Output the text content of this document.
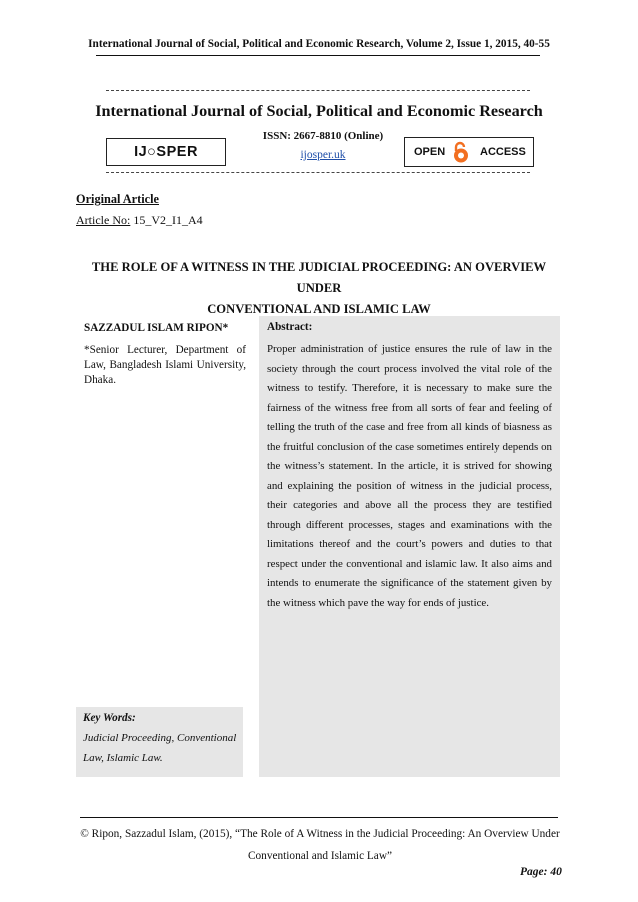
International Journal of Social, Political and Economic Research, Volume 2, Issue 1, 2015, 40-55
International Journal of Social, Political and Economic Research
IJ○SPER
ISSN: 2667-8810 (Online)
ijosper.uk	OPEN	ACCESS
Original Article
Article No: 15_V2_I1_A4
THE ROLE OF A WITNESS IN THE JUDICIAL PROCEEDING: AN OVERVIEW UNDER
CONVENTIONAL AND ISLAMIC LAW
SAZZADUL ISLAM RIPON*
*Senior Lecturer, Department of Law, Bangladesh Islami University, Dhaka.
Key Words:
Judicial Proceeding, Conventional Law, Islamic Law.
Abstract:
Proper administration of justice ensures the rule of law in the society through the court process involved the vital role of the witness to testify. Therefore, it is necessary to make sure the fairness of the witness free from all sorts of fear and feeling of telling the truth of the case and free from all kinds of biasness as the fruitful conclusion of the case sometimes entirely depends on the witness’s statement. In the article, it is strived for showing and explaining the position of witness in the judicial process, their categories and above all the process they are testified through different processes, stages and examinations with the limitations thereof and the court’s powers and duties to that respect under the conventional and islamic law. It also aims and intends to enumerate the significance of the statement given by the witness which pave the way for ends of justice.
© Ripon, Sazzadul Islam, (2015), “The Role of A Witness in the Judicial Proceeding: An Overview Under
Conventional and Islamic Law”
Page: 40
